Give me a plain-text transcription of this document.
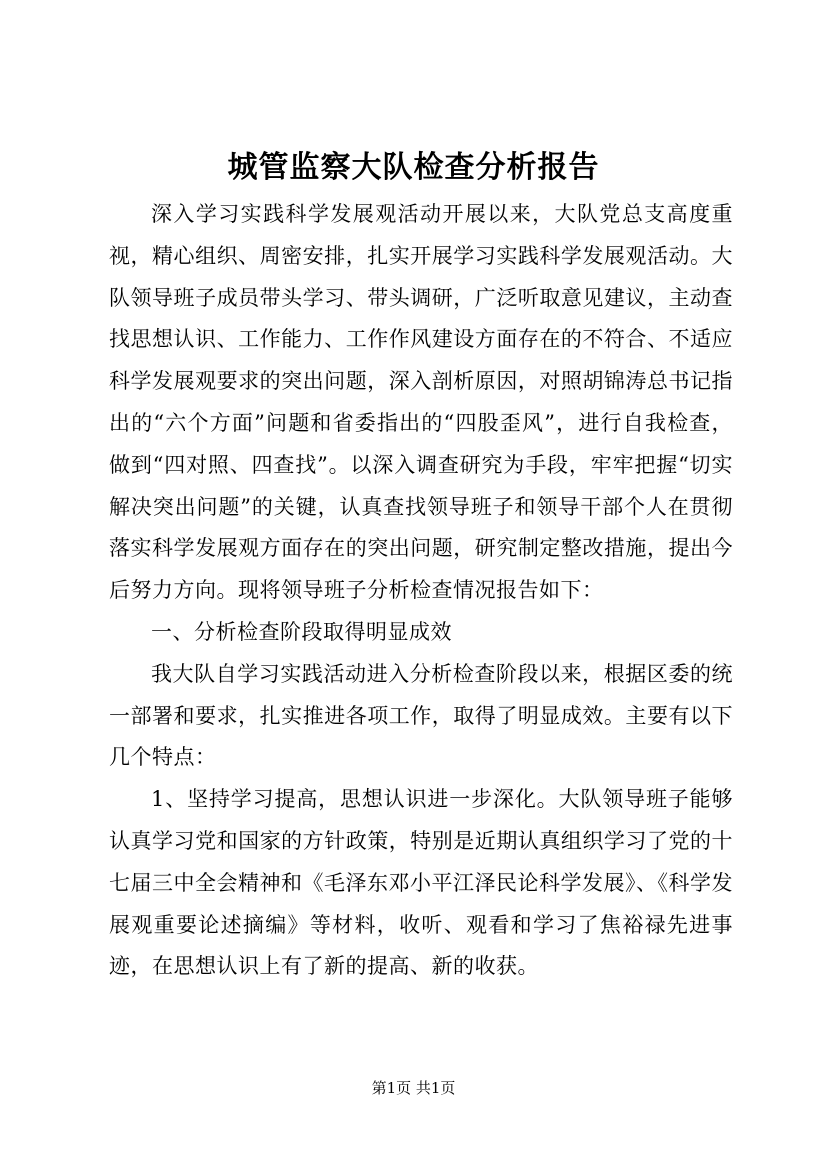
城管监察大队检查分析报告

深入学习实践科学发展观活动开展以来，大队党总支高度重视，精心组织、周密安排，扎实开展学习实践科学发展观活动。大队领导班子成员带头学习、带头调研，广泛听取意见建议，主动查找思想认识、工作能力、工作作风建设方面存在的不符合、不适应科学发展观要求的突出问题，深入剖析原因，对照胡锦涛总书记指出的“六个方面”问题和省委指出的“四股歪风”，进行自我检查，做到“四对照、四查找”。以深入调查研究为手段，牢牢把握“切实解决突出问题”的关键，认真查找领导班子和领导干部个人在贯彻落实科学发展观方面存在的突出问题，研究制定整改措施，提出今后努力方向。现将领导班子分析检查情况报告如下：

一、分析检查阶段取得明显成效

我大队自学习实践活动进入分析检查阶段以来，根据区委的统一部署和要求，扎实推进各项工作，取得了明显成效。主要有以下几个特点：

1、坚持学习提高，思想认识进一步深化。大队领导班子能够认真学习党和国家的方针政策，特别是近期认真组织学习了党的十七届三中全会精神和《毛泽东邓小平江泽民论科学发展》、《科学发展观重要论述摘编》等材料，收听、观看和学习了焦裕禄先进事迹，在思想认识上有了新的提高、新的收获。

第1页 共1页
